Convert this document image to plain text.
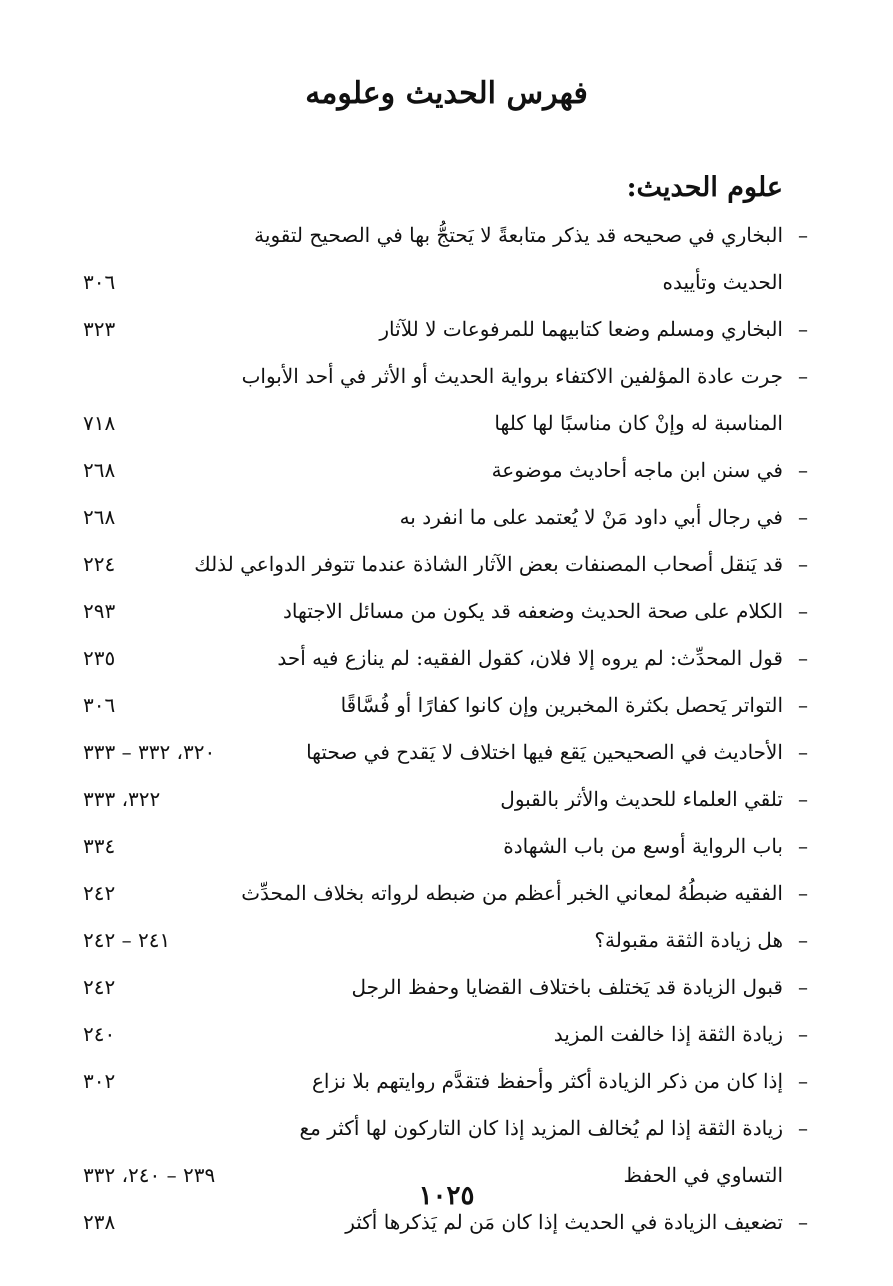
فهرس الحديث وعلومه
علوم الحديث:
–
البخاري في صحيحه قد يذكر متابعةً لا يَحتجُّ بها في الصحيح لتقوية
الحديث وتأييده
٣٠٦
–
البخاري ومسلم وضعا كتابيهما للمرفوعات لا للآثار
٣٢٣
–
جرت عادة المؤلفين الاكتفاء برواية الحديث أو الأثر في أحد الأبواب
المناسبة له وإنْ كان مناسبًا لها كلها
٧١٨
–
في سنن ابن ماجه أحاديث موضوعة
٢٦٨
–
في رجال أبي داود مَنْ لا يُعتمد على ما انفرد به
٢٦٨
–
قد يَنقل أصحاب المصنفات بعض الآثار الشاذة عندما تتوفر الدواعي لذلك
٢٢٤
–
الكلام على صحة الحديث وضعفه قد يكون من مسائل الاجتهاد
٢٩٣
–
قول المحدِّث: لم يروه إلا فلان، كقول الفقيه: لم ينازع فيه أحد
٢٣٥
–
التواتر يَحصل بكثرة المخبرين وإن كانوا كفارًا أو فُسَّاقًا
٣٠٦
–
الأحاديث في الصحيحين يَقع فيها اختلاف لا يَقدح في صحتها
٣٢٠، ٣٣٢ – ٣٣٣
–
تلقي العلماء للحديث والأثر بالقبول
٣٢٢، ٣٣٣
–
باب الرواية أوسع من باب الشهادة
٣٣٤
–
الفقيه ضبطُهُ لمعاني الخبر أعظم من ضبطه لرواته بخلاف المحدِّث
٢٤٢
–
هل زيادة الثقة مقبولة؟
٢٤١ – ٢٤٢
–
قبول الزيادة قد يَختلف باختلاف القضايا وحفظ الرجل
٢٤٢
–
زيادة الثقة إذا خالفت المزيد
٢٤٠
–
إذا كان من ذكر الزيادة أكثر وأحفظ فتقدَّم روايتهم بلا نزاع
٣٠٢
–
زيادة الثقة إذا لم يُخالف المزيد إذا كان التاركون لها أكثر مع
التساوي في الحفظ
٢٣٩ – ٢٤٠، ٣٣٢
–
تضعيف الزيادة في الحديث إذا كان مَن لم يَذكرها أكثر
٢٣٨
١٠٢٥
